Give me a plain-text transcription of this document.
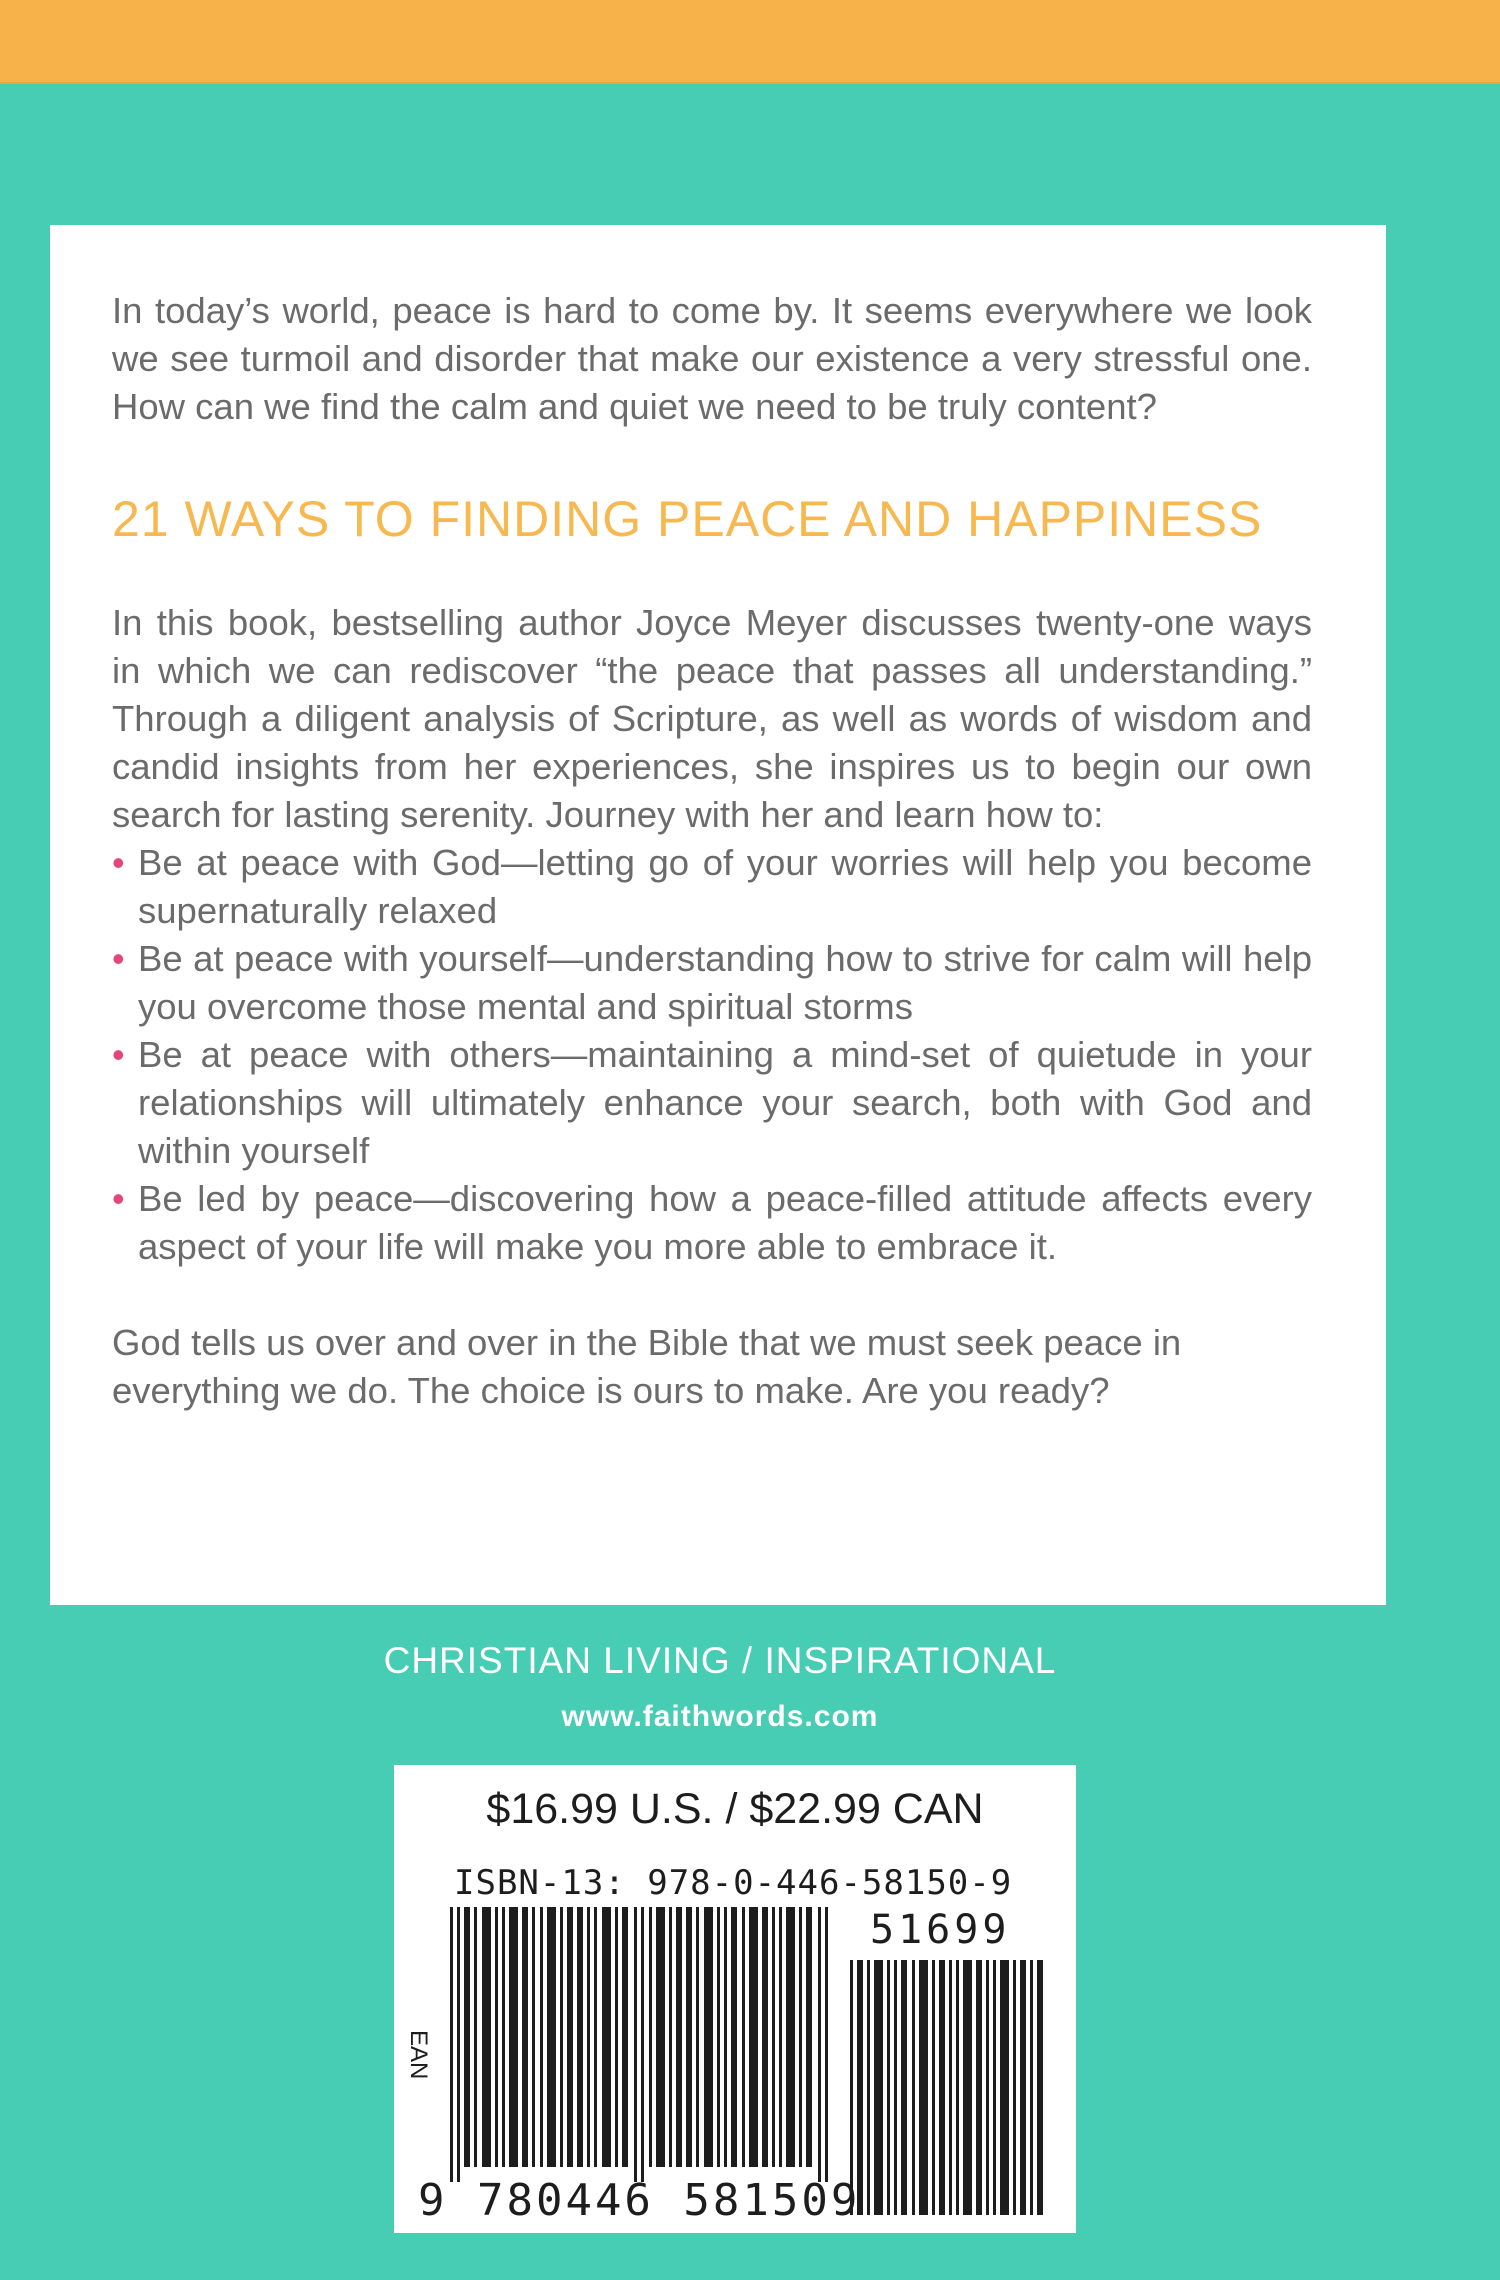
In today’s world, peace is hard to come by. It seems everywhere we look we see turmoil and disorder that make our existence a very stressful one. How can we find the calm and quiet we need to be truly content?

21 WAYS TO FINDING PEACE AND HAPPINESS

In this book, bestselling author Joyce Meyer discusses twenty-one ways in which we can rediscover “the peace that passes all understanding.” Through a diligent analysis of Scripture, as well as words of wisdom and candid insights from her experiences, she inspires us to begin our own search for lasting serenity. Journey with her and learn how to:

• Be at peace with God—letting go of your worries will help you become supernaturally relaxed
• Be at peace with yourself—understanding how to strive for calm will help you overcome those mental and spiritual storms
• Be at peace with others—maintaining a mind-set of quietude in your relationships will ultimately enhance your search, both with God and within yourself
• Be led by peace—discovering how a peace-filled attitude affects every aspect of your life will make you more able to embrace it.

God tells us over and over in the Bible that we must seek peace in everything we do. The choice is ours to make. Are you ready?

CHRISTIAN LIVING / INSPIRATIONAL
www.faithwords.com
$16.99 U.S. / $22.99 CAN
ISBN-13: 978-0-446-58150-9
EAN
51699
9 780446 581509
